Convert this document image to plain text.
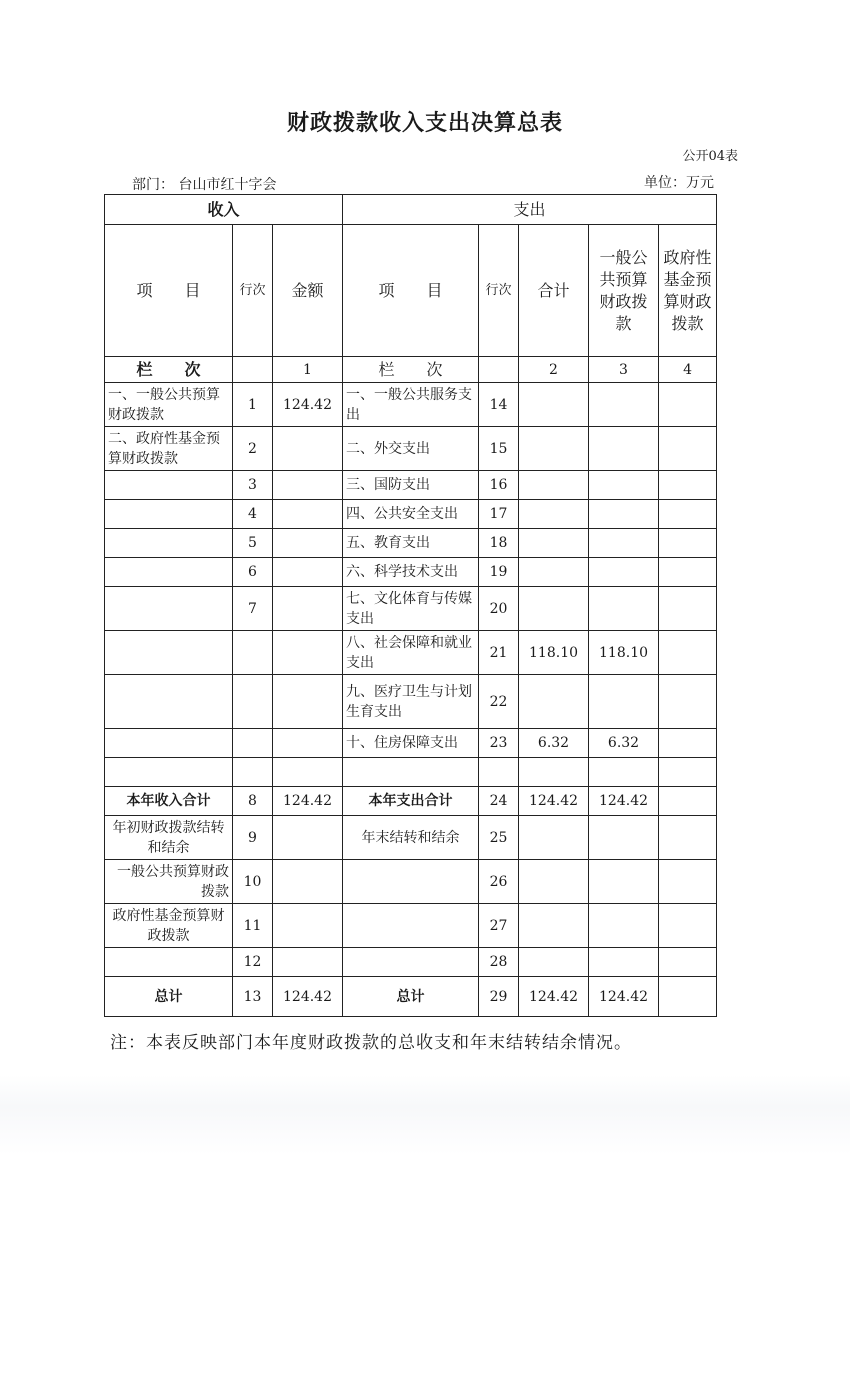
财政拨款收入支出决算总表
公开04表
部门： 台山市红十字会	单位：万元
收入			支出				
项　　目	行次	金额	项　　目	行次	合计	一般公共预算财政拨款	政府性基金预算财政拨款
栏　　次		1	栏　　次		2	3	4
一、一般公共预算财政拨款	1	124.42	一、一般公共服务支出	14			
二、政府性基金预算财政拨款	2		二、外交支出	15			
	3		三、国防支出	16			
	4		四、公共安全支出	17			
	5		五、教育支出	18			
	6		六、科学技术支出	19			
	7		七、文化体育与传媒支出	20			
			八、社会保障和就业支出	21	118.10	118.10	
			九、医疗卫生与计划生育支出	22			
			十、住房保障支出	23	6.32	6.32	

本年收入合计	8	124.42	本年支出合计	24	124.42	124.42	
年初财政拨款结转和结余	9		年末结转和结余	25			
一般公共预算财政拨款	10			26			
政府性基金预算财政拨款	11			27			
	12			28			
总计	13	124.42	总计	29	124.42	124.42	
注：本表反映部门本年度财政拨款的总收支和年末结转结余情况。
